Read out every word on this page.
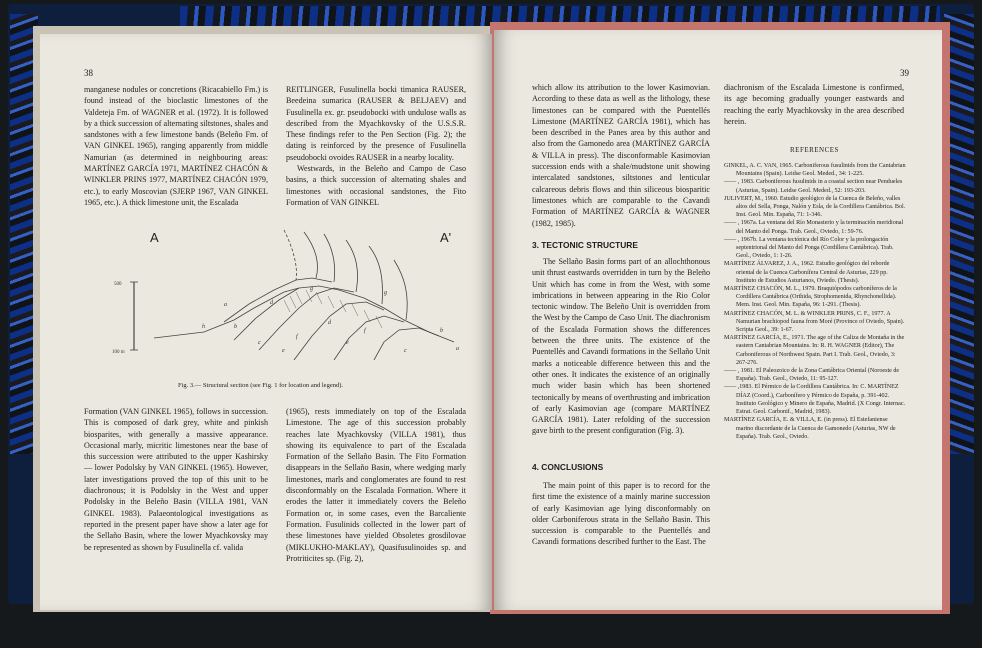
38

manganese nodules or concretions (Ricacabiello Fm.) is found instead of the bioclastic limestones of the Valdeteja Fm. of WAGNER et al. (1972). It is followed by a thick succession of alternating siltstones, shales and sandstones with a few limestone bands (Beleño Fm. of VAN GINKEL 1965), ranging apparently from middle Namurian (as determined in neighbouring areas: MARTÍNEZ GARCÍA 1971, MARTÍNEZ CHACÓN & WINKLER PRINS 1977, MARTÍNEZ CHACÓN 1979, etc.), to early Moscovian (SJERP 1967, VAN GINKEL 1965, etc.). A thick limestone unit, the Escalada

REITLINGER, Fusulinella bocki timanica RAUSER, Beedeina sumarica (RAUSER & BELJAEV) and Fusulinella ex. gr. pseudobocki with undulose walls as described from the Myachkovsky of the U.S.S.R. These findings refer to the Pen Section (Fig. 2); the dating is reinforced by the presence of Fusulinella pseudobocki ovoides RAUSER in a nearby locality.

Westwards, in the Beleño and Campo de Caso basins, a thick succession of alternating shales and limestones with occasional sandstones, the Fito Formation of VAN GINKEL

A	A'
500
100 m
a
b
c
d
e
f
g
h
a
b
c
e
f
g
d
Fig. 3.— Structural section (see Fig. 1 for location and legend).

Formation (VAN GINKEL 1965), follows in succession. This is composed of dark grey, white and pinkish biosparites, with generally a massive appearance. Occasional marly, micritic limestones near the base of this succession were attributed to the upper Kashirsky — lower Podolsky by VAN GINKEL (1965). However, later investigations proved the top of this unit to be diachronous; it is Podolsky in the West and upper Podolsky in the Beleño Basin (VILLA 1981, VAN GINKEL 1983). Palaeontological investigations as reported in the present paper have show a later age for the Sellaño Basin, where the lower Myachkovsky may be represented as shown by Fusulinella cf. valida

(1965), rests immediately on top of the Escalada Limestone. The age of this succession probably reaches late Myachkovsky (VILLA 1981), thus showing its equivalence to part of the Escalada Formation of the Sellaño Basin. The Fito Formation disappears in the Sellaño Basin, where wedging marly limestones, marls and conglomerates are found to rest disconformably on the Escalada Formation. Where it erodes the latter it immediately covers the Beleño Formation or, in some cases, even the Barcaliente Formation. Fusulinids collected in the lower part of these limestones have yielded Obsoletes grosdilovae (MIKLUKHO-MAKLAY), Quasifusulinoides sp. and Protriticites sp. (Fig. 2),

39

which allow its attribution to the lower Kasimovian. According to these data as well as the lithology, these limestones can be compared with the Puentellés Limestone (MARTÍNEZ GARCÍA 1981), which has been described in the Panes area by this author and also from the Gamonedo area (MARTÍNEZ GARCÍA & VILLA in press). The disconformable Kasimovian succession ends with a shale/mudstone unit showing intercalated sandstones, siltstones and lenticular calcareous debris flows and thin siliceous biosparitic limestones which are comparable to the Cavandi Formation of MARTÍNEZ GARCÍA & WAGNER (1982, 1985).

3. TECTONIC STRUCTURE

The Sellaño Basin forms part of an allochthonous unit thrust eastwards overridden in turn by the Beleño Unit which has come in from the West, with some imbrications in between appearing in the Rio Color tectonic window. The Beleño Unit is overridden from the West by the Campo de Caso Unit. The diachronism of the Escalada Formation shows the differences between the three units. The existence of the Puentellés and Cavandi formations in the Sellaño Unit marks a noticeable difference between this and the other ones. It indicates the existence of an originally much wider basin which has been shortened tectonically by means of overthrusting and imbrication of early Kasimovian age (compare MARTÍNEZ GARCÍA 1981). Later refolding of the succession gave birth to the present configuration (Fig. 3).

4. CONCLUSIONS

The main point of this paper is to record for the first time the existence of a mainly marine succession of early Kasimovian age lying disconformably on older Carboniferous strata in the Sellaño Basin. This succession is comparable to the Puentellés and Cavandi formations described further to the East. The

diachronism of the Escalada Limestone is confirmed, its age becoming gradually younger eastwards and reaching the early Myachkovsky in the area described herein.

REFERENCES
GINKEL, A. C. VAN, 1965. Carboniferous fusulinids from the Cantabrian Mountains (Spain). Leidse Geol. Meded., 34: 1-225.
—— , 1983. Carboniferous fusulinids in a coastal section near Pendueles (Asturias, Spain). Leidse Geol. Meded., 52: 193-203.
JULIVERT, M., 1960. Estudio geológico de la Cuenca de Beleño, valles altos del Sella, Ponga, Nalón y Esla, de la Cordillera Cantábrica. Bol. Inst. Geol. Min. España, 71: 1-346.
—— , 1967a. La ventana del Río Monasterio y la terminación meridional del Manto del Ponga. Trab. Geol., Oviedo, 1: 59-76.
—— , 1967b. La ventana tectónica del Río Color y la prolongación septentrional del Manto del Ponga (Cordillera Cantábrica). Trab. Geol., Oviedo, 1: 1-26.
MARTÍNEZ ÁLVAREZ, J. A., 1962. Estudio geológico del reborde oriental de la Cuenca Carbonífera Central de Asturias, 229 pp. Instituto de Estudios Asturianos, Oviedo. (Thesis).
MARTÍNEZ CHACÓN, M. L., 1979. Braquiópodos carboníferos de la Cordillera Cantábrica (Orthida, Strophomenida, Rhynchonellida). Mem. Inst. Geol. Min. España, 96: 1-291. (Thesis).
MARTÍNEZ CHACÓN, M. L. & WINKLER PRINS, C. F., 1977. A Namurian brachiopod fauna from Moré (Province of Oviedo, Spain). Scripta Geol., 39: 1-67.
MARTÍNEZ GARCÍA, E., 1971. The age of the Caliza de Montaña in the eastern Cantabrian Mountains. In: R. H. WAGNER (Editor), The Carboniferous of Northwest Spain. Part I. Trab. Geol., Oviedo, 3: 267-276.
—— , 1981. El Paleozoico de la Zona Cantábrica Oriental (Noroeste de España). Trab. Geol., Oviedo, 11: 95-127.
—— ,1983. El Pérmico de la Cordillera Cantábrica. In: C. MARTÍNEZ DÍAZ (Coord.), Carbonífero y Pérmico de España, p. 391-402. Instituto Geológico y Minero de España, Madrid. (X Congr. Internac. Estrat. Geol. Carbonif., Madrid, 1983).
MARTÍNEZ GARCÍA, E. & VILLA, E. (in press). El Estefaniense marino discordante de la Cuenca de Gamonedo (Asturias, NW de España). Trab. Geol., Oviedo.
